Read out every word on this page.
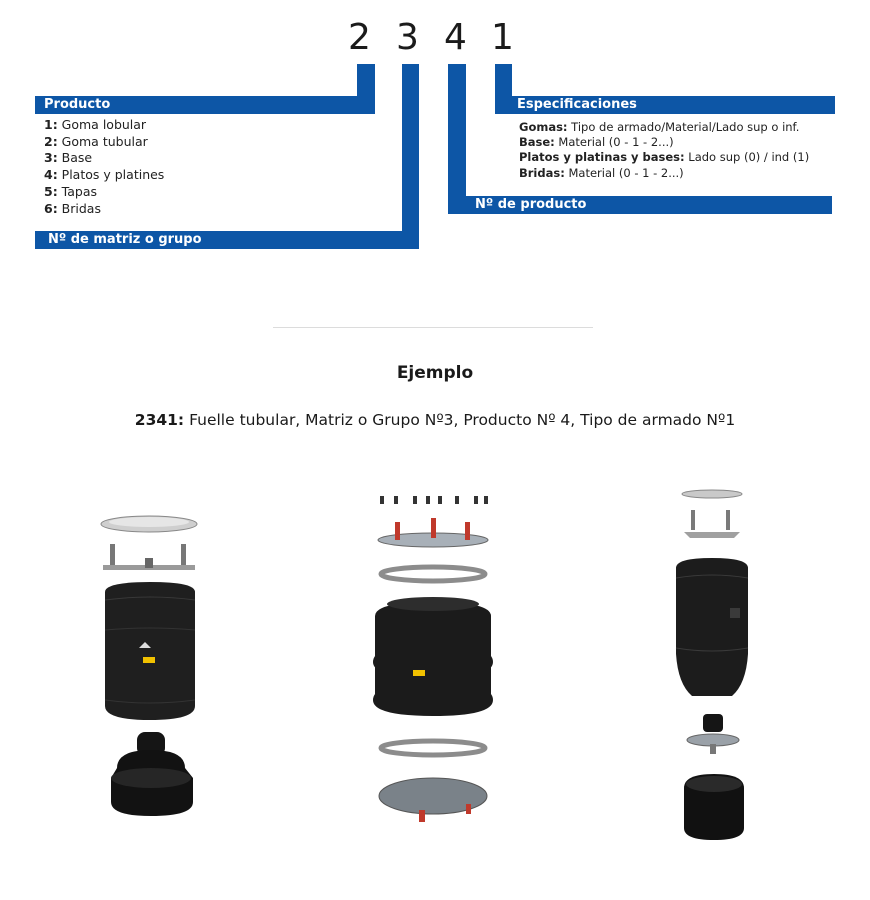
2 3 4 1
Producto
1: Goma lobular
2: Goma tubular
3: Base
4: Platos y platines
5: Tapas
6: Bridas
Nº de matriz o grupo
Especificaciones
Gomas: Tipo de armado/Material/Lado sup o inf.
Base: Material (0 - 1 - 2...)
Platos y platinas y bases: Lado sup (0) / ind (1)
Bridas: Material (0 - 1 - 2...)
Nº de producto
Ejemplo
2341: Fuelle tubular, Matriz o Grupo Nº3, Producto Nº 4, Tipo de armado Nº1
